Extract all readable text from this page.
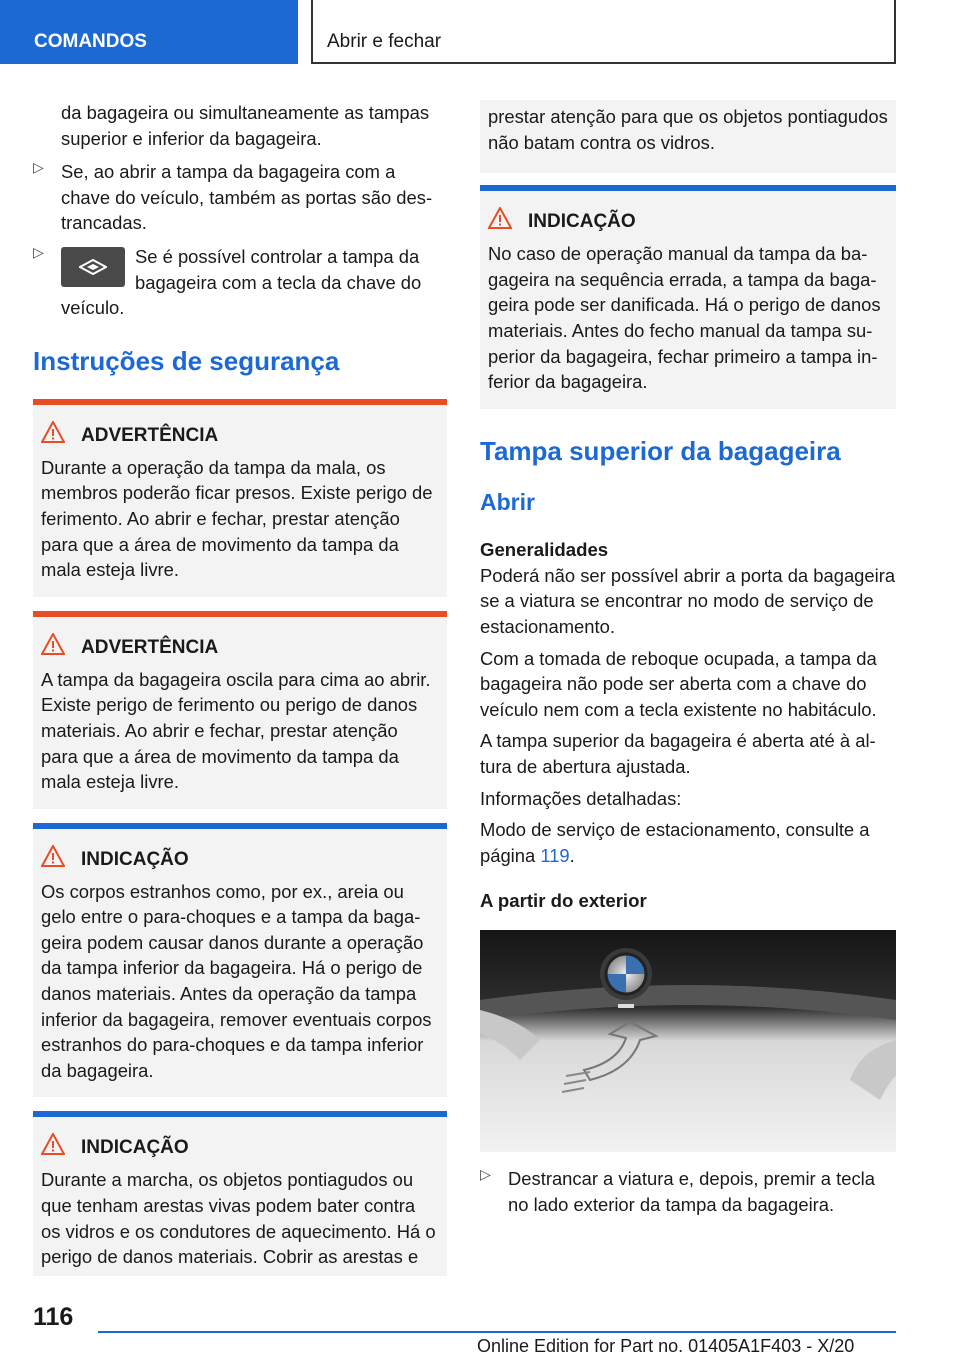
COMANDOS	Abrir e fechar

da bagageira ou simultaneamente as tampas superior e inferior da bagageira.

▷ Se, ao abrir a tampa da bagageira com a chave do veículo, também as portas são destrancadas.

▷	Se é possível controlar a tampa da bagageira com a tecla da chave do veículo.

Instruções de segurança
ADVERTÊNCIA

Durante a operação da tampa da mala, os membros poderão ficar presos. Existe perigo de ferimento. Ao abrir e fechar, prestar atenção para que a área de movimento da tampa da mala esteja livre.

ADVERTÊNCIA

A tampa da bagageira oscila para cima ao abrir. Existe perigo de ferimento ou perigo de danos materiais. Ao abrir e fechar, prestar atenção para que a área de movimento da tampa da mala esteja livre.

INDICAÇÃO

Os corpos estranhos como, por ex., areia ou gelo entre o para-choques e a tampa da bagageira podem causar danos durante a operação da tampa inferior da bagageira. Há o perigo de danos materiais. Antes da operação da tampa inferior da bagageira, remover eventuais corpos estranhos do para-choques e da tampa inferior da bagageira.

INDICAÇÃO

Durante a marcha, os objetos pontiagudos ou que tenham arestas vivas podem bater contra os vidros e os condutores de aquecimento. Há o perigo de danos materiais. Cobrir as arestas e

prestar atenção para que os objetos pontiagudos não batam contra os vidros.

INDICAÇÃO

No caso de operação manual da tampa da bagageira na sequência errada, a tampa da bagageira pode ser danificada. Há o perigo de danos materiais. Antes do fecho manual da tampa superior da bagageira, fechar primeiro a tampa inferior da bagageira.

Tampa superior da bagageira
Abrir
Generalidades

Poderá não ser possível abrir a porta da bagageira se a viatura se encontrar no modo de serviço de estacionamento.

Com a tomada de reboque ocupada, a tampa da bagageira não pode ser aberta com a chave do veículo nem com a tecla existente no habitáculo.

A tampa superior da bagageira é aberta até à altura de abertura ajustada.

Informações detalhadas:

Modo de serviço de estacionamento, consulte a página 119.

A partir do exterior
▷ Destrancar a viatura e, depois, premir a tecla no lado exterior da tampa da bagageira.

116
Online Edition for Part no. 01405A1F403 - X/20
